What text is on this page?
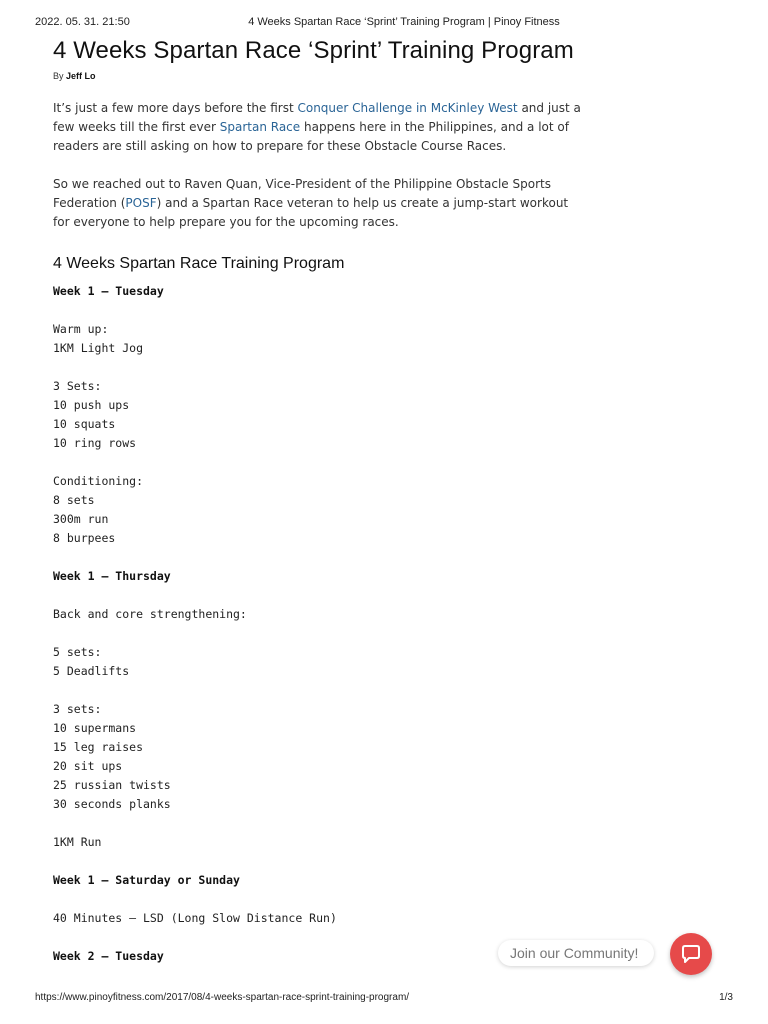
2022. 05. 31. 21:50	4 Weeks Spartan Race ‘Sprint’ Training Program | Pinoy Fitness
4 Weeks Spartan Race ‘Sprint’ Training Program
By Jeff Lo

It’s just a few more days before the first Conquer Challenge in McKinley West and just a few weeks till the first ever Spartan Race happens here in the Philippines, and a lot of readers are still asking on how to prepare for these Obstacle Course Races.

So we reached out to Raven Quan, Vice-President of the Philippine Obstacle Sports Federation (POSF) and a Spartan Race veteran to help us create a jump-start workout for everyone to help prepare you for the upcoming races.

4 Weeks Spartan Race Training Program
Week 1 – Tuesday
Warm up:
1KM Light Jog
3 Sets:
10 push ups
10 squats
10 ring rows
Conditioning:
8 sets
300m run
8 burpees
Week 1 – Thursday
Back and core strengthening:
5 sets:
5 Deadlifts
3 sets:
10 supermans
15 leg raises
20 sit ups
25 russian twists
30 seconds planks
1KM Run
Week 1 – Saturday or Sunday
40 Minutes – LSD (Long Slow Distance Run)
Week 2 – Tuesday	Join our Community!
https://www.pinoyfitness.com/2017/08/4-weeks-spartan-race-sprint-training-program/	1/3
